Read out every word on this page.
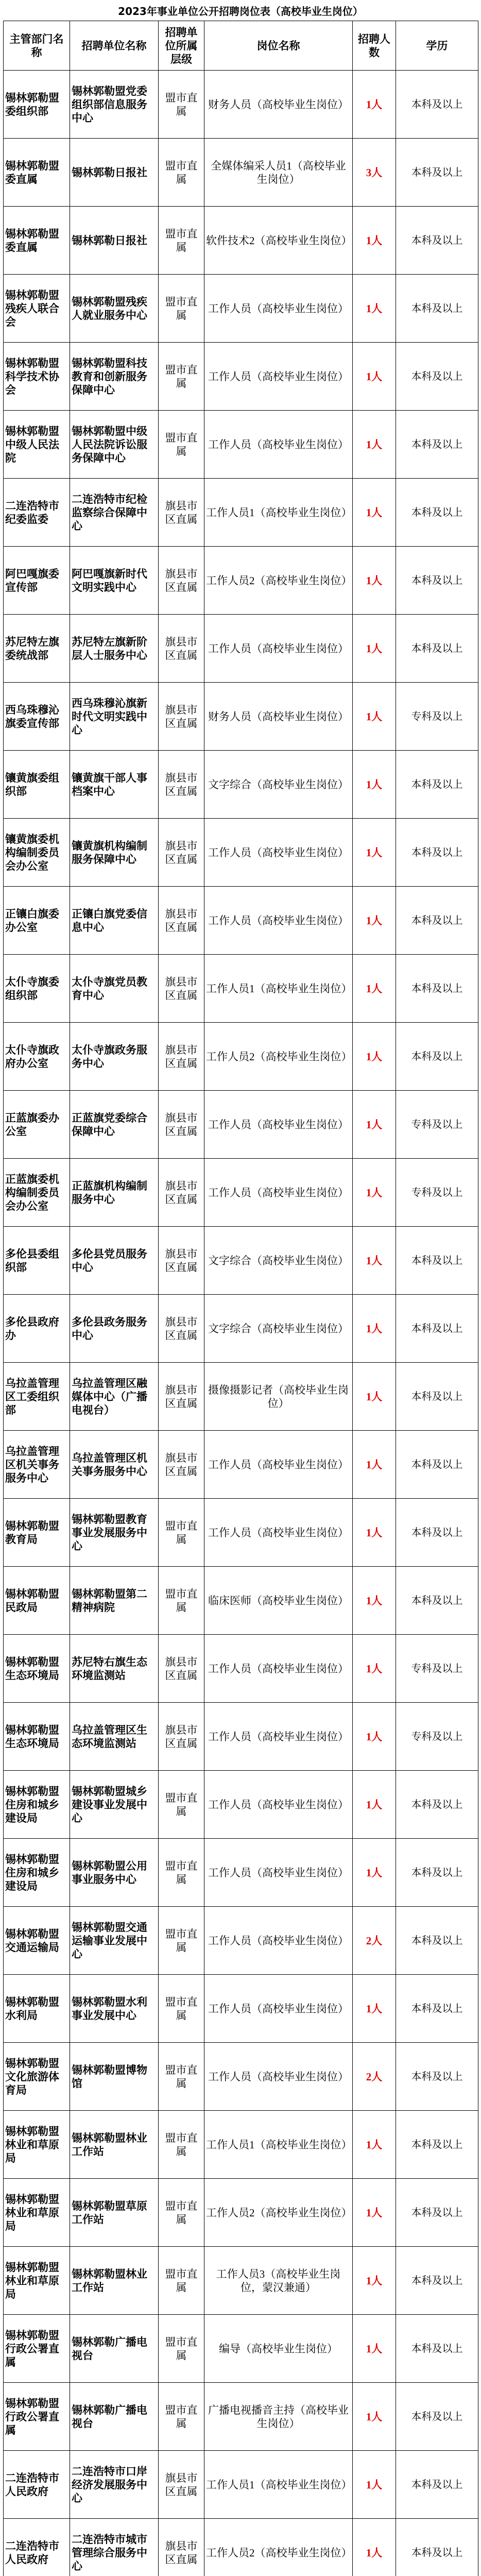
2023年事业单位公开招聘岗位表（高校毕业生岗位）
主管部门名称	招聘单位名称	招聘单位所属层级	岗位名称	招聘人数	学历
锡林郭勒盟委组织部	锡林郭勒盟党委组织部信息服务中心	盟市直属	财务人员（高校毕业生岗位）	1人	本科及以上
锡林郭勒盟委直属	锡林郭勒日报社	盟市直属	全媒体编采人员1（高校毕业生岗位）	3人	本科及以上
锡林郭勒盟委直属	锡林郭勒日报社	盟市直属	软件技术2（高校毕业生岗位）	1人	本科及以上
锡林郭勒盟残疾人联合会	锡林郭勒盟残疾人就业服务中心	盟市直属	工作人员（高校毕业生岗位）	1人	本科及以上
锡林郭勒盟科学技术协会	锡林郭勒盟科技教育和创新服务保障中心	盟市直属	工作人员（高校毕业生岗位）	1人	本科及以上
锡林郭勒盟中级人民法院	锡林郭勒盟中级人民法院诉讼服务保障中心	盟市直属	工作人员（高校毕业生岗位）	1人	本科及以上
二连浩特市纪委监委	二连浩特市纪检监察综合保障中心	旗县市区直属	工作人员1（高校毕业生岗位）	1人	本科及以上
阿巴嘎旗委宣传部	阿巴嘎旗新时代文明实践中心	旗县市区直属	工作人员2（高校毕业生岗位）	1人	本科及以上
苏尼特左旗委统战部	苏尼特左旗新阶层人士服务中心	旗县市区直属	工作人员（高校毕业生岗位）	1人	本科及以上
西乌珠穆沁旗委宣传部	西乌珠穆沁旗新时代文明实践中心	旗县市区直属	财务人员（高校毕业生岗位）	1人	专科及以上
镶黄旗委组织部	镶黄旗干部人事档案中心	旗县市区直属	文字综合（高校毕业生岗位）	1人	本科及以上
镶黄旗委机构编制委员会办公室	镶黄旗机构编制服务保障中心	旗县市区直属	工作人员（高校毕业生岗位）	1人	本科及以上
正镶白旗委办公室	正镶白旗党委信息中心	旗县市区直属	工作人员（高校毕业生岗位）	1人	本科及以上
太仆寺旗委组织部	太仆寺旗党员教育中心	旗县市区直属	工作人员1（高校毕业生岗位）	1人	本科及以上
太仆寺旗政府办公室	太仆寺旗政务服务中心	旗县市区直属	工作人员2（高校毕业生岗位）	1人	本科及以上
正蓝旗委办公室	正蓝旗党委综合保障中心	旗县市区直属	工作人员（高校毕业生岗位）	1人	专科及以上
正蓝旗委机构编制委员会办公室	正蓝旗机构编制服务中心	旗县市区直属	工作人员（高校毕业生岗位）	1人	专科及以上
多伦县委组织部	多伦县党员服务中心	旗县市区直属	文字综合（高校毕业生岗位）	1人	本科及以上
多伦县政府办	多伦县政务服务中心	旗县市区直属	文字综合（高校毕业生岗位）	1人	本科及以上
乌拉盖管理区工委组织部	乌拉盖管理区融媒体中心（广播电视台）	旗县市区直属	摄像摄影记者（高校毕业生岗位）	1人	本科及以上
乌拉盖管理区机关事务服务中心	乌拉盖管理区机关事务服务中心	旗县市区直属	工作人员（高校毕业生岗位）	1人	本科及以上
锡林郭勒盟教育局	锡林郭勒盟教育事业发展服务中心	盟市直属	工作人员（高校毕业生岗位）	1人	本科及以上
锡林郭勒盟民政局	锡林郭勒盟第二精神病院	盟市直属	临床医师（高校毕业生岗位）	1人	本科及以上
锡林郭勒盟生态环境局	苏尼特右旗生态环境监测站	旗县市区直属	工作人员（高校毕业生岗位）	1人	专科及以上
锡林郭勒盟生态环境局	乌拉盖管理区生态环境监测站	旗县市区直属	工作人员（高校毕业生岗位）	1人	专科及以上
锡林郭勒盟住房和城乡建设局	锡林郭勒盟城乡建设事业发展中心	盟市直属	工作人员（高校毕业生岗位）	1人	本科及以上
锡林郭勒盟住房和城乡建设局	锡林郭勒盟公用事业服务中心	盟市直属	工作人员（高校毕业生岗位）	1人	本科及以上
锡林郭勒盟交通运输局	锡林郭勒盟交通运输事业发展中心	盟市直属	工作人员（高校毕业生岗位）	2人	本科及以上
锡林郭勒盟水利局	锡林郭勒盟水利事业发展中心	盟市直属	工作人员（高校毕业生岗位）	1人	本科及以上
锡林郭勒盟文化旅游体育局	锡林郭勒盟博物馆	盟市直属	工作人员（高校毕业生岗位）	2人	本科及以上
锡林郭勒盟林业和草原局	锡林郭勒盟林业工作站	盟市直属	工作人员1（高校毕业生岗位）	1人	本科及以上
锡林郭勒盟林业和草原局	锡林郭勒盟草原工作站	盟市直属	工作人员2（高校毕业生岗位）	1人	本科及以上
锡林郭勒盟林业和草原局	锡林郭勒盟林业工作站	盟市直属	工作人员3（高校毕业生岗位，蒙汉兼通）	1人	本科及以上
锡林郭勒盟行政公署直属	锡林郭勒广播电视台	盟市直属	编导（高校毕业生岗位）	1人	本科及以上
锡林郭勒盟行政公署直属	锡林郭勒广播电视台	盟市直属	广播电视播音主持（高校毕业生岗位）	1人	本科及以上
二连浩特市人民政府	二连浩特市口岸经济发展服务中心	旗县市区直属	工作人员1（高校毕业生岗位）	1人	本科及以上
二连浩特市人民政府	二连浩特市城市管理综合服务中心	旗县市区直属	工作人员2（高校毕业生岗位）	1人	本科及以上
